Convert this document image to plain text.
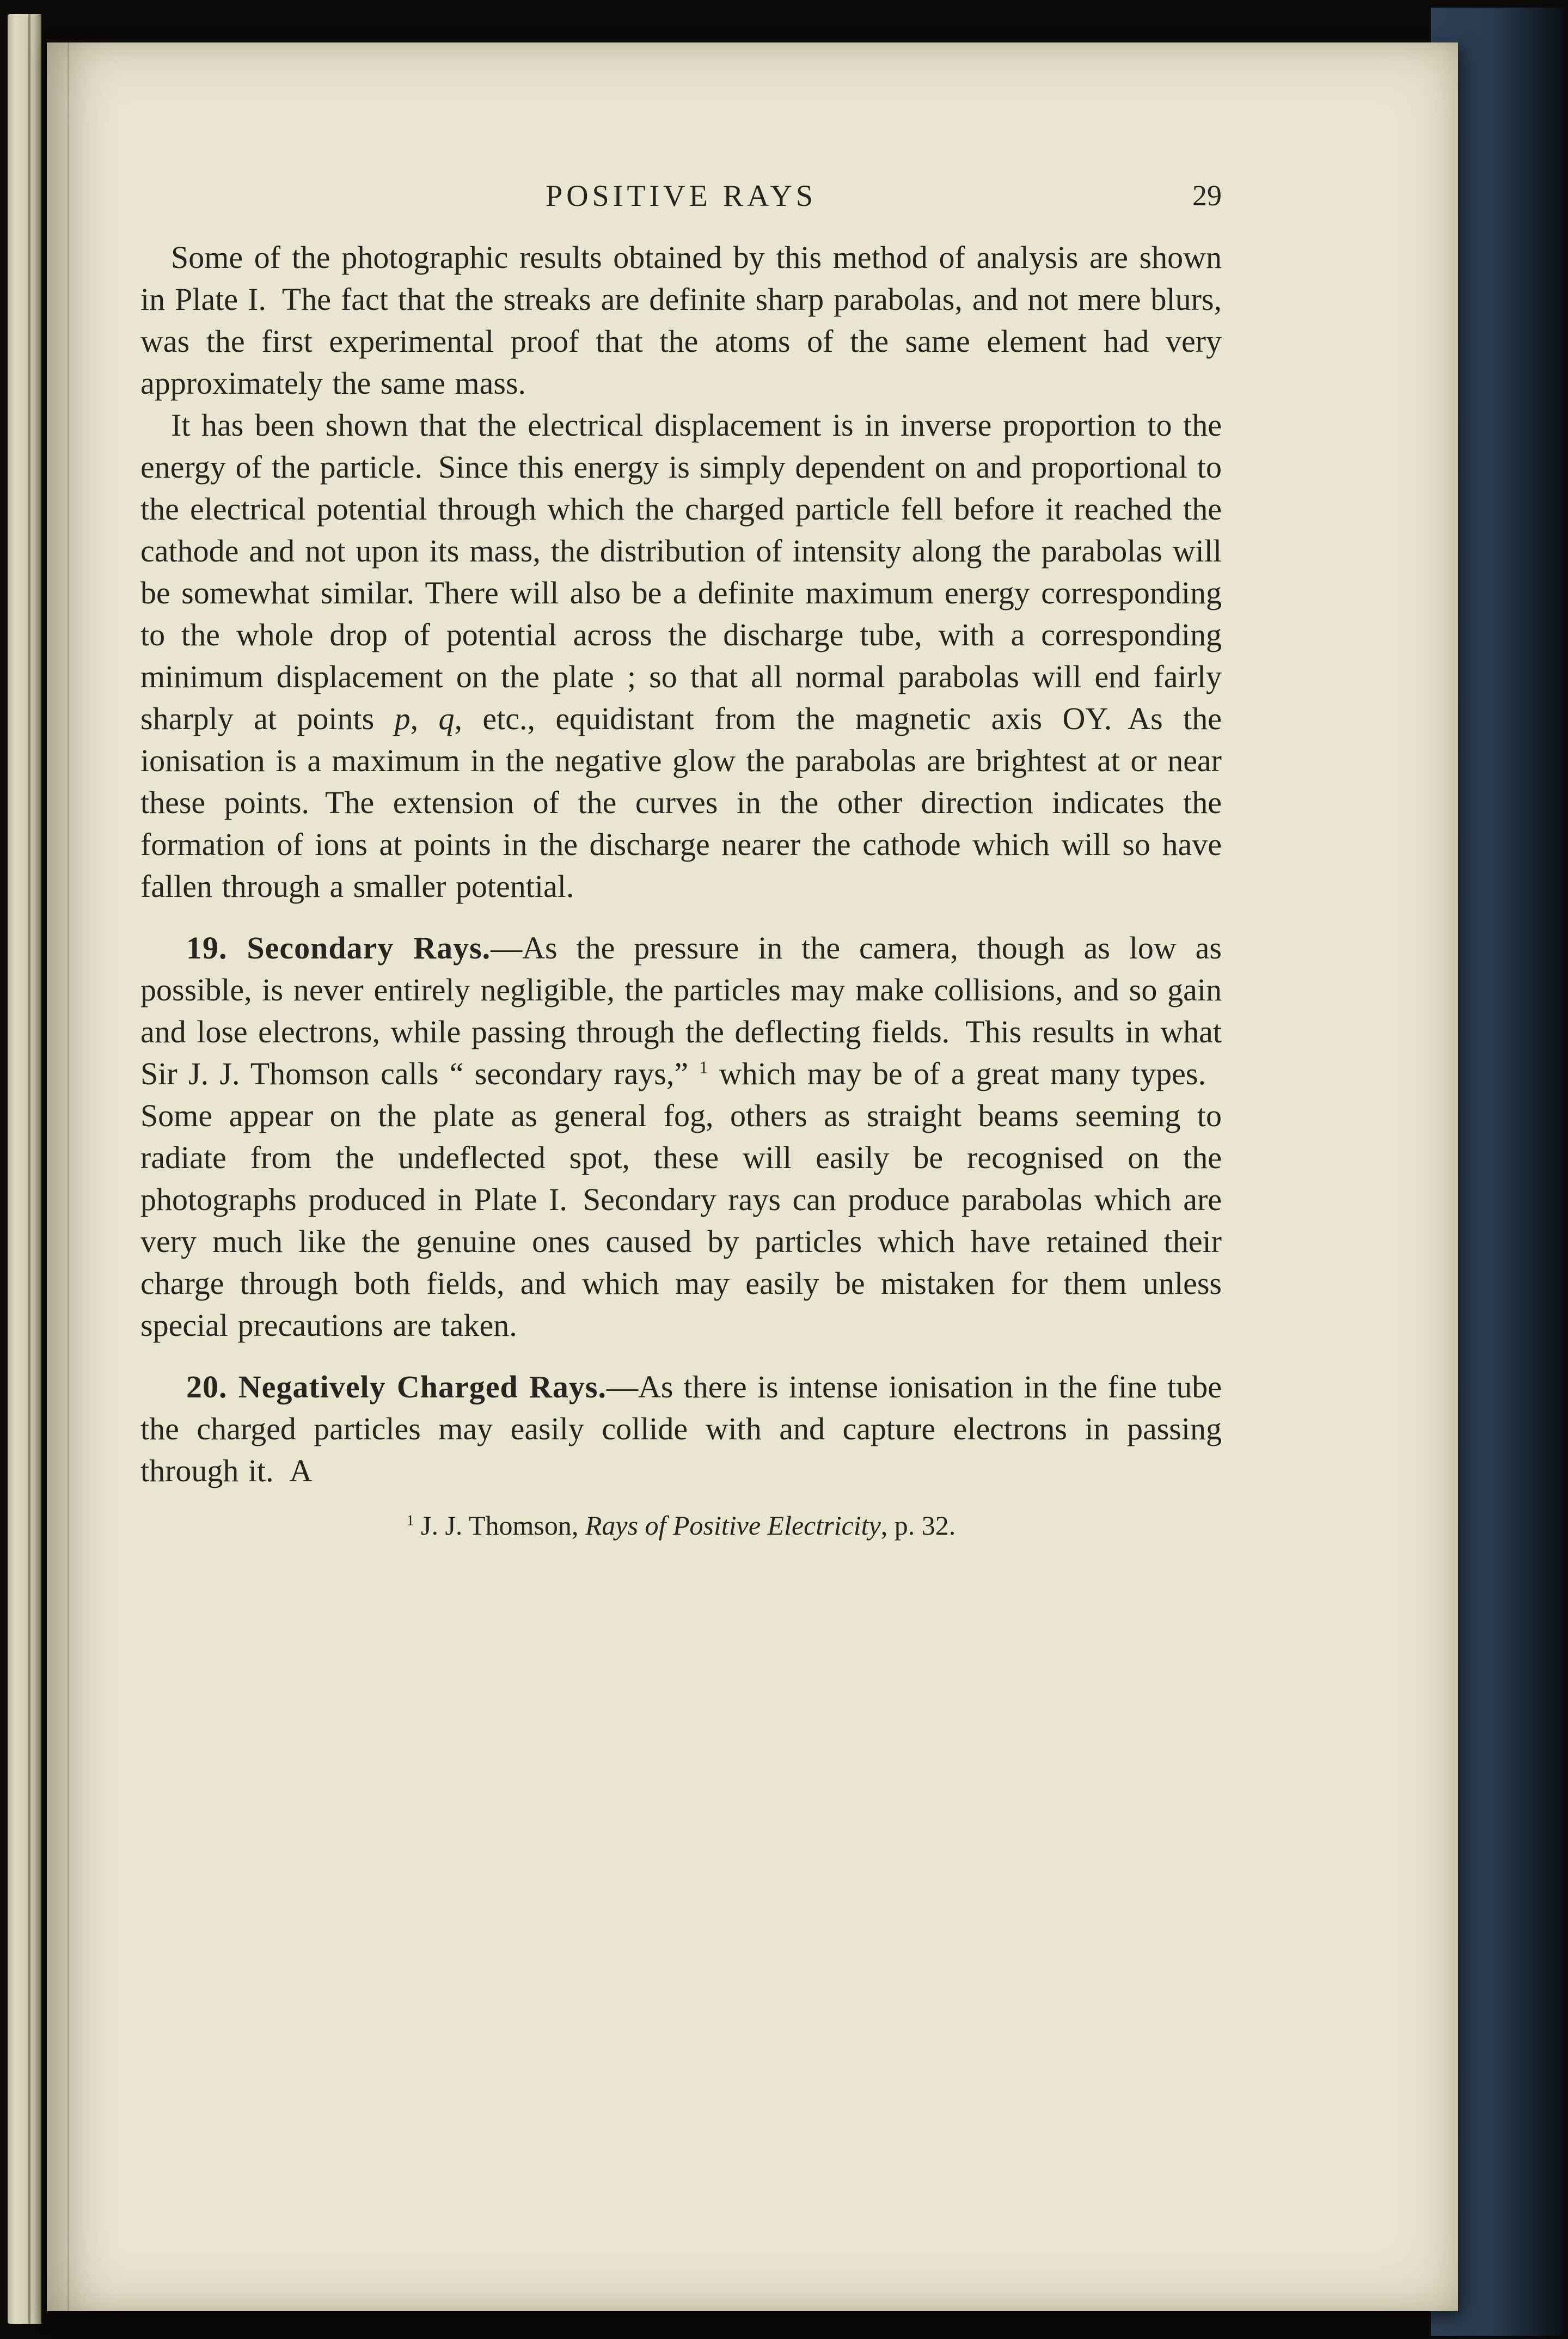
POSITIVE RAYS	29

Some of the photographic results obtained by this method of analysis are shown in Plate I. The fact that the streaks are definite sharp parabolas, and not mere blurs, was the first experimental proof that the atoms of the same element had very approximately the same mass.

It has been shown that the electrical displacement is in inverse proportion to the energy of the particle. Since this energy is simply dependent on and proportional to the electrical potential through which the charged particle fell before it reached the cathode and not upon its mass, the distribution of intensity along the parabolas will be somewhat similar. There will also be a definite maximum energy corresponding to the whole drop of potential across the discharge tube, with a corresponding minimum displacement on the plate ; so that all normal parabolas will end fairly sharply at points p, q, etc., equidistant from the magnetic axis OY. As the ionisation is a maximum in the negative glow the parabolas are brightest at or near these points. The extension of the curves in the other direction indicates the formation of ions at points in the discharge nearer the cathode which will so have fallen through a smaller potential.

19. Secondary Rays.—As the pressure in the camera, though as low as possible, is never entirely negligible, the particles may make collisions, and so gain and lose electrons, while passing through the deflecting fields. This results in what Sir J. J. Thomson calls “ secondary rays,” $^1$ which may be of a great many types. Some appear on the plate as general fog, others as straight beams seeming to radiate from the undeflected spot, these will easily be recognised on the photographs produced in Plate I. Secondary rays can produce parabolas which are very much like the genuine ones caused by particles which have retained their charge through both fields, and which may easily be mistaken for them unless special precautions are taken.

20. Negatively Charged Rays.—As there is intense ionisation in the fine tube the charged particles may easily collide with and capture electrons in passing through it. A

$^1$ J. J. Thomson, Rays of Positive Electricity, p. 32.
